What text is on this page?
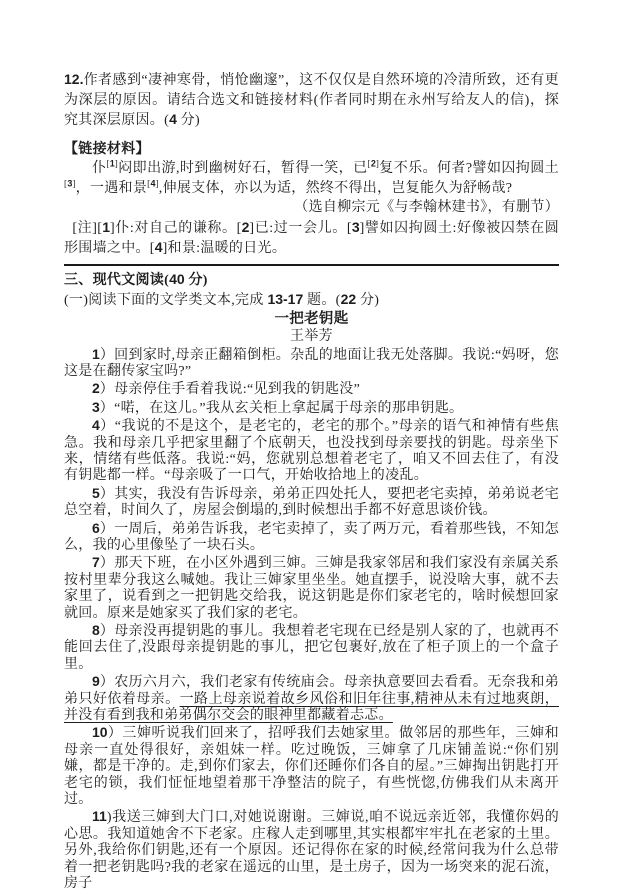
12.作者感到“凄神寒骨，悄怆幽邃”，这不仅仅是自然环境的冷清所致，还有更为深层的原因。请结合选文和链接材料(作者同时期在永州写给友人的信)，探究其深层原因。(4 分)

【链接材料】

仆[1]闷即出游,时到幽树好石，暂得一笑，已[2]复不乐。何者?譬如囚拘圆土[3]，一遇和景[4],伸展支体，亦以为适，然终不得出，岂复能久为舒畅哉?

（选自柳宗元《与李翰林建书》，有删节）

[注][1]仆:对自己的谦称。[2]已:过一会儿。[3]譬如囚拘圆土:好像被囚禁在圆形围墙之中。[4]和景:温暖的日光。

三、现代文阅读(40 分)

(一)阅读下面的文学类文本,完成 13-17 题。(22 分)

一把老钥匙

王举芳

1）回到家时,母亲正翻箱倒柜。杂乱的地面让我无处落脚。我说:“妈呀，您这是在翻传家宝吗?”

2）母亲停住手看着我说:“见到我的钥匙没”

3）“喏，在这儿。”我从玄关柜上拿起属于母亲的那串钥匙。

4）“我说的不是这个，是老宅的，老宅的那个。”母亲的语气和神情有些焦急。我和母亲几乎把家里翻了个底朝天，也没找到母亲要找的钥匙。母亲坐下来，情绪有些低落。我说:“妈，您就别总想着老宅了，咱又不回去住了，有没有钥匙都一样。“母亲吸了一口气，开始收拾地上的凌乱。

5）其实，我没有告诉母亲，弟弟正四处托人，要把老宅卖掉，弟弟说老宅总空着，时间久了，房屋会倒塌的,到时候想出手都不好意思谈价钱。

6）一周后，弟弟告诉我，老宅卖掉了，卖了两万元，看着那些钱，不知怎么，我的心里像坠了一块石头。

7）那天下班，在小区外遇到三婶。三婶是我家邻居和我们家没有亲属关系按村里辈分我这么喊她。我让三婶家里坐坐。她直摆手，说没啥大事，就不去家里了，说看到之一把钥匙交给我，说这钥匙是你们家老宅的，啥时候想回家就回。原来是她家买了我们家的老宅。

8）母亲没再提钥匙的事儿。我想着老宅现在已经是别人家的了，也就再不能回去住了,没跟母亲提钥匙的事儿，把它包裹好,放在了柜子顶上的一个盒子里。

9）农历六月六，我们老家有传统庙会。母亲执意要回去看看。无奈我和弟弟只好依着母亲。一路上母亲说着故乡风俗和旧年往事,精神从未有过地爽朗，并没有看到我和弟弟偶尔交会的眼神里都藏着忐忑。

10）三婶听说我们回来了，招呼我们去她家里。做邻居的那些年，三婶和母亲一直处得很好，亲姐妹一样。吃过晚饭，三婶拿了几床铺盖说:“你们别嫌，都是干净的。走,到你们家去，你们还睡你们各自的屋。”三婶掏出钥匙打开老宅的锁，我们怔怔地望着那干净整洁的院子，有些恍惚,仿佛我们从未离开过。

11)我送三婶到大门口,对她说谢谢。三婶说,咱不说远亲近邻，我懂你妈的心思。我知道她舍不下老家。庄稼人走到哪里,其实根都牢牢扎在老家的土里。另外,我给你们钥匙,还有一个原因。还记得你在家的时候,经常问我为什么总带着一把老钥匙吗?我的老家在遥远的山里，是土房子，因为一场突来的泥石流，房子
